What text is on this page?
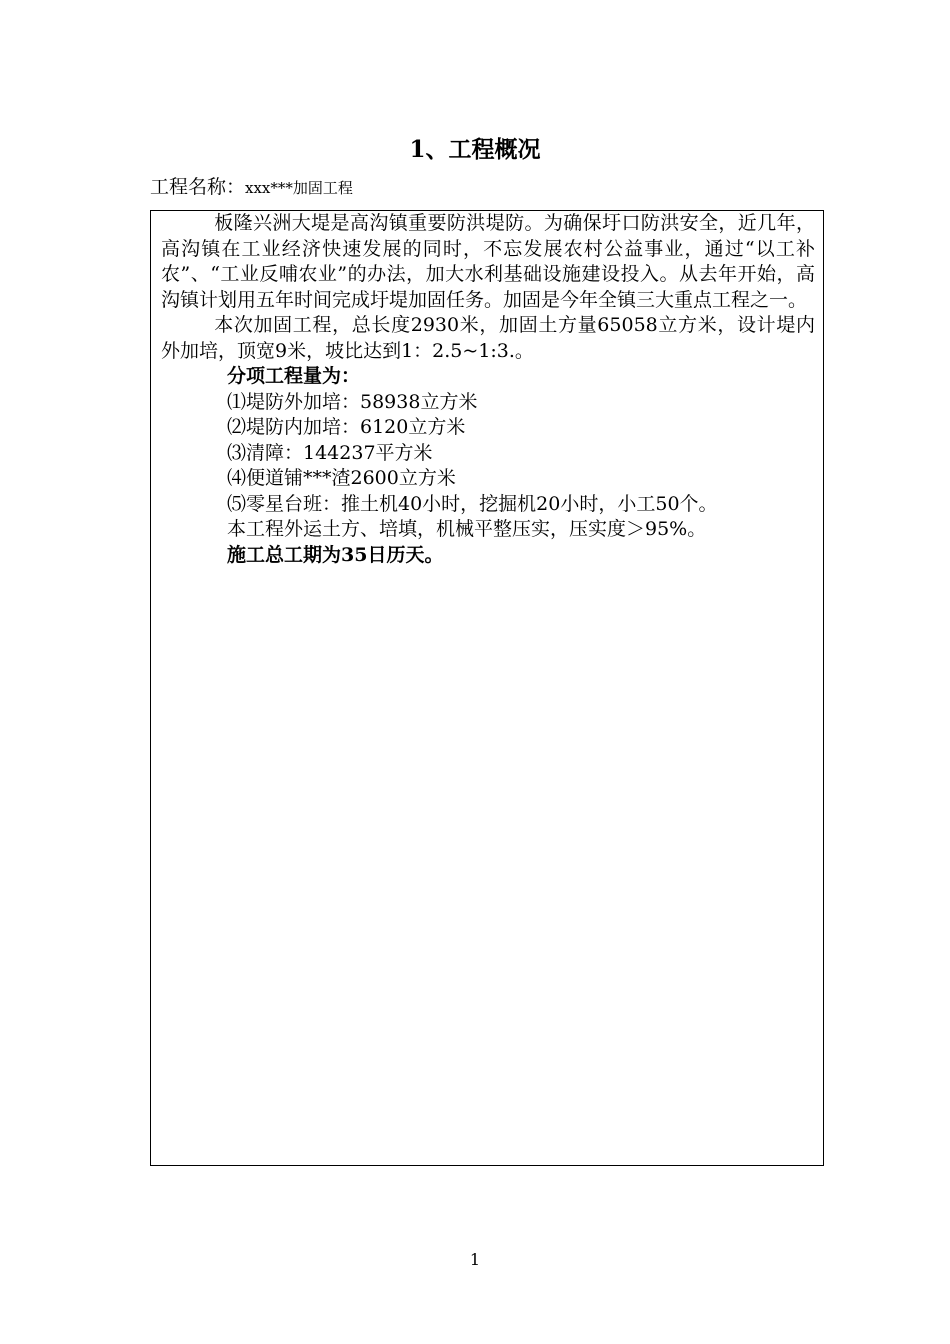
1、工程概况
工程名称：xxx***加固工程

板隆兴洲大堤是高沟镇重要防洪堤防。为确保圩口防洪安全，近几年，高沟镇在工业经济快速发展的同时，不忘发展农村公益事业，通过“以工补农”、“工业反哺农业”的办法，加大水利基础设施建设投入。从去年开始，高沟镇计划用五年时间完成圩堤加固任务。加固是今年全镇三大重点工程之一。

本次加固工程，总长度2930米，加固土方量65058立方米，设计堤内外加培，顶宽9米，坡比达到1：2.5~1:3.。

分项工程量为：

⑴堤防外加培：58938立方米

⑵堤防内加培：6120立方米

⑶清障：144237平方米

⑷便道铺***渣2600立方米

⑸零星台班：推土机40小时，挖掘机20小时，小工50个。

本工程外运土方、培填，机械平整压实，压实度＞95%。

施工总工期为35日历天。

1
